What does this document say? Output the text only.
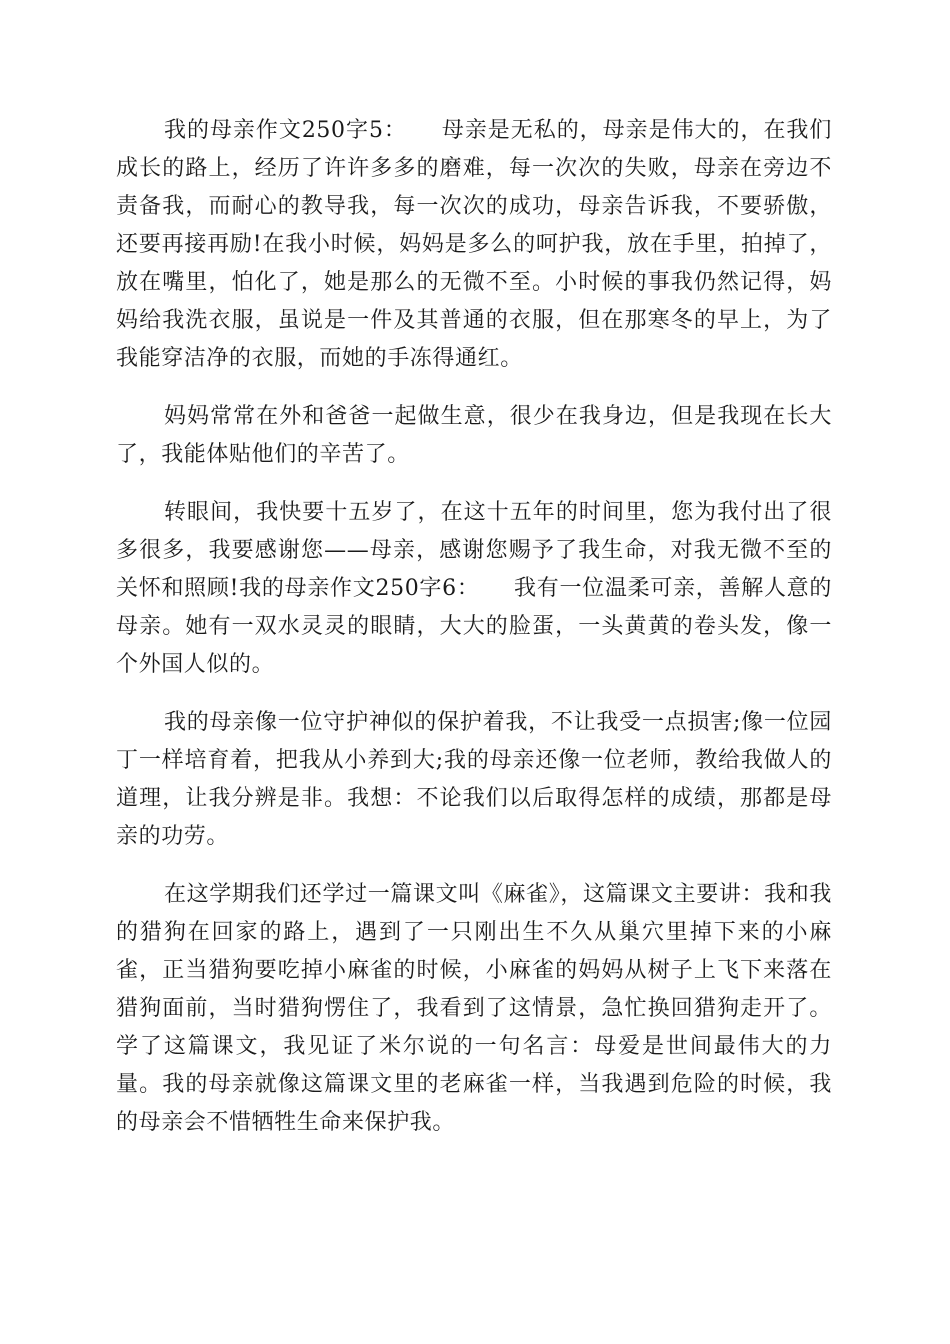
我的母亲作文250字5：　　母亲是无私的，母亲是伟大的，在我们成长的路上，经历了许许多多的磨难，每一次次的失败，母亲在旁边不责备我，而耐心的教导我，每一次次的成功，母亲告诉我，不要骄傲，还要再接再励!在我小时候，妈妈是多么的呵护我，放在手里，拍掉了，放在嘴里，怕化了，她是那么的无微不至。小时候的事我仍然记得，妈妈给我洗衣服，虽说是一件及其普通的衣服，但在那寒冬的早上，为了我能穿洁净的衣服，而她的手冻得通红。

妈妈常常在外和爸爸一起做生意，很少在我身边，但是我现在长大了，我能体贴他们的辛苦了。

转眼间，我快要十五岁了，在这十五年的时间里，您为我付出了很多很多，我要感谢您——母亲，感谢您赐予了我生命，对我无微不至的关怀和照顾!我的母亲作文250字6：　　我有一位温柔可亲，善解人意的母亲。她有一双水灵灵的眼睛，大大的脸蛋，一头黄黄的卷头发，像一个外国人似的。

我的母亲像一位守护神似的保护着我，不让我受一点损害;像一位园丁一样培育着，把我从小养到大;我的母亲还像一位老师，教给我做人的道理，让我分辨是非。我想：不论我们以后取得怎样的成绩，那都是母亲的功劳。

在这学期我们还学过一篇课文叫《麻雀》，这篇课文主要讲：我和我的猎狗在回家的路上，遇到了一只刚出生不久从巢穴里掉下来的小麻雀，正当猎狗要吃掉小麻雀的时候，小麻雀的妈妈从树子上飞下来落在猎狗面前，当时猎狗愣住了，我看到了这情景，急忙换回猎狗走开了。学了这篇课文，我见证了米尔说的一句名言：母爱是世间最伟大的力量。我的母亲就像这篇课文里的老麻雀一样，当我遇到危险的时候，我的母亲会不惜牺牲生命来保护我。
